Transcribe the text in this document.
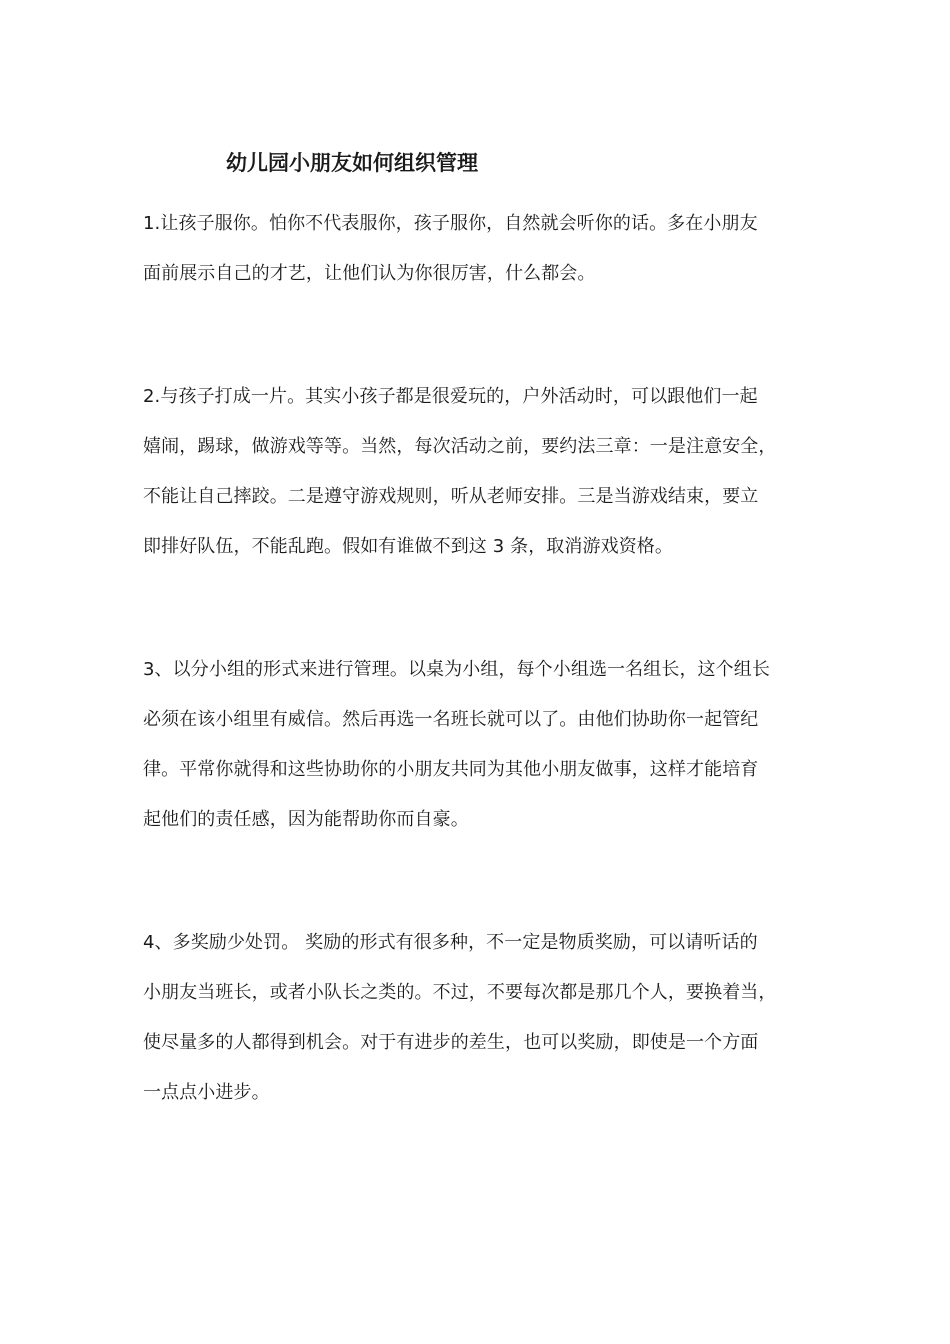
幼儿园小朋友如何组织管理
1.让孩子服你。怕你不代表服你，孩子服你，自然就会听你的话。多在小朋友
面前展示自己的才艺，让他们认为你很厉害，什么都会。
2.与孩子打成一片。其实小孩子都是很爱玩的，户外活动时，可以跟他们一起
嬉闹，踢球，做游戏等等。当然，每次活动之前，要约法三章：一是注意安全，
不能让自己摔跤。二是遵守游戏规则，听从老师安排。三是当游戏结束，要立
即排好队伍，不能乱跑。假如有谁做不到这 3 条，取消游戏资格。
3、以分小组的形式来进行管理。以桌为小组，每个小组选一名组长，这个组长
必须在该小组里有威信。然后再选一名班长就可以了。由他们协助你一起管纪
律。平常你就得和这些协助你的小朋友共同为其他小朋友做事，这样才能培育
起他们的责任感，因为能帮助你而自豪。
4、多奖励少处罚。 奖励的形式有很多种，不一定是物质奖励，可以请听话的
小朋友当班长，或者小队长之类的。不过，不要每次都是那几个人，要换着当，
使尽量多的人都得到机会。对于有进步的差生，也可以奖励，即使是一个方面
一点点小进步。
